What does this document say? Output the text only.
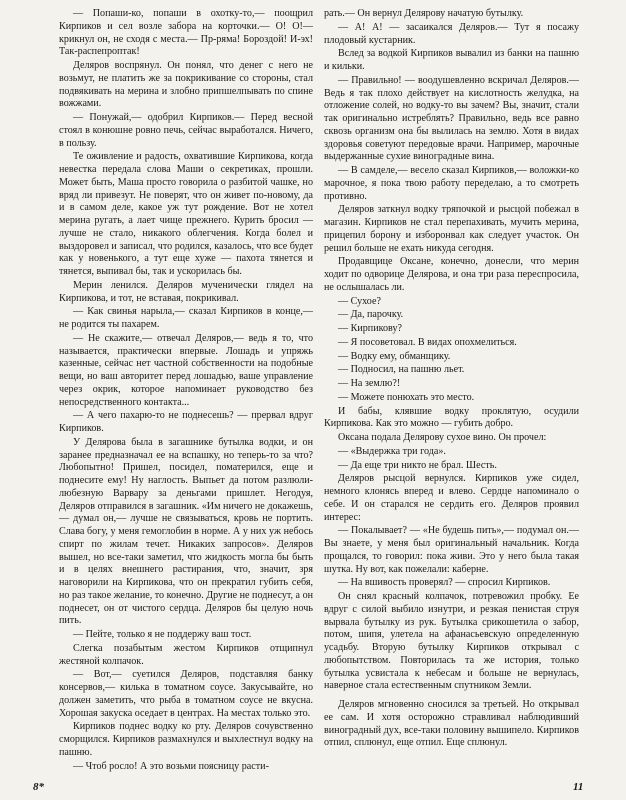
— Попаши-ко, попаши в охотку-то,— поощрил Кирпиков и сел возле забора на корточки.— О! О!— крикнул он, не сходя с места.— Пр-ряма! Бороздой! И-эх! Так-распепроптак!

Деляров воспрянул. Он понял, что денег с него не возьмут, не платить же за покрикивание со стороны, стал подвякивать на мерина и злобно припшелпывать по спине вожжами.

— Понужай,— одобрил Кирпиков.— Перед весной стоял в конюшне ровно печь, сейчас выработался. Ничего, в пользу.

Те оживление и радость, охватившие Кирпикова, когда невестка передала слова Маши о секретиках, прошли. Может быть, Маша просто говорила о разбитой чашке, но вряд ли привезут. Не поверят, что он живет по-новому, да и в самом деле, какое уж тут рождение. Вот не хотел мерина ругать, а лает чище прежнего. Курить бросил — лучше не стало, никакого облегчения. Когда болел и выздоровел и записал, что родился, казалось, что все будет как у новенького, а тут еще хуже — пахота тянется и тянется, выпивал бы, так и ускорилась бы.

Мерин ленился. Деляров мученически глядел на Кирпикова, и тот, не вставая, покрикивал.

— Как свинья нарыла,— сказал Кирпиков в конце,— не родится ты пахарем.

— Не скажите,— отвечал Деляров,— ведь я то, что называется, практически впервые. Лошадь и упряжь казенные, сейчас нет частной собственности на подобные вещи, но ваш авторитет перед лошадью, ваше управление через окрик, которое напоминает руководство без непосредственного контакта...

— А чего пахарю-то не поднесешь? — прервал вдруг Кирпиков.

У Делярова была в загашнике бутылка водки, и он заранее предназначал ее на вспашку, но теперь-то за что? Любопытно! Пришел, посидел, поматерился, еще и поднесите ему! Ну наглость. Выпьет да потом разлюли-любезную Варвару за деньгами пришлет. Негодуя, Деляров отправился в загашник. «Им ничего не докажешь,— думал он,— лучше не связываться, кровь не портить. Слава богу, у меня гемоглобин в норме. А у них уж небось спирт по жилам течет. Никаких запросов». Деляров вышел, но все-таки заметил, что жидкость могла бы быть и в целях внешнего растирания, что, значит, зря наговорили на Кирпикова, что он прекратил губить себя, но раз такое желание, то конечно. Другие не поднесут, а он поднесет, он от чистого сердца. Деляров бы целую ночь пить.

— Пейте, только я не поддержу ваш тост.

Слегка позабытым жестом Кирпиков отщипнул жестяной колпачок.

— Вот,— суетился Деляров, подставляя банку консервов,— килька в томатном соусе. Закусывайте, но должен заметить, что рыба в томатном соусе не вкусна. Хорошая закуска оседает в центрах. На местах только это.

Кирпиков поднес водку ко рту. Деляров сочувственно сморщился. Кирпиков размахнулся и выхлестнул водку на пашню.

— Чтоб росло! А это возьми поясницу расти-

рать.— Он вернул Делярову начатую бутылку.

— А! А! — засаикался Деляров.— Тут я посажу плодовый кустарник.

Вслед за водкой Кирпиков вывалил из банки на пашню и кильки.

— Правильно! — воодушевленно вскричал Деляров.— Ведь я так плохо действует на кислотность желудка, на отложение солей, но водку-то вы зачем? Вы, значит, стали так оригинально истреблять? Правильно, ведь все равно сквозь организм она бы вылилась на землю. Хотя в видах здоровья советуют передовые врачи. Например, марочные выдержанные сухие виноградные вина.

— В самделе,— весело сказал Кирпиков,— воложки-ко марочное, я пока твою работу переделаю, а то смотреть противно.

Деляров заткнул водку тряпочкой и рысцой побежал в магазин. Кирпиков не стал перепахивать, мучить мерина, прицепил борону и изборонвал как следует участок. Он решил больше не ехать никуда сегодня.

Продавщице Оксане, конечно, донесли, что мерин ходит по одворице Делярова, и она три раза переспросила, не ослышалась ли.

— Сухое?

— Да, парочку.

— Кирпикову?

— Я посоветовал. В видах опохмелиться.

— Водку ему, обманщику.

— Подносил, на пашню льет.

— На землю?!

— Можете понюхать это место.

И бабы, клявшие водку проклятую, осудили Кирпикова. Как это можно — губить добро.

Оксана подала Делярову сухое вино. Он прочел:

— «Выдержка три года».

— Да еще три никто не брал. Шесть.

Деляров рысцой вернулся. Кирпиков уже сидел, немного клонясь вперед и влево. Сердце напоминало о себе. И он старался не сердить его. Деляров проявил интерес:

— Покалывает? — «Не будешь пить»,— подумал он.— Вы знаете, у меня был оригинальный начальник. Когда прощался, то говорил: пока живи. Это у него была такая шутка. Ну вот, как пожелали: каберне.

— На вшивость проверял? — спросил Кирпиков.

Он снял красный колпачок, потревожил пробку. Ее вдруг с силой выбило изнутри, и резкая пенистая струя вырвала бутылку из рук. Бутылка срикошетила о забор, потом, шипя, улетела на афанасьевскую определенную усадьбу. Вторую бутылку Кирпиков открывал с любопытством. Повторилась та же история, только бутылка усвистала к небесам и больше не вернулась, наверное стала естественным спутником Земли.

Деляров мгновенно сносился за третьей. Но открывал ее сам. И хотя осторожно стравливал наблюдивший виноградный дух, все-таки половину вышипело. Кирпиков отпил, сплюнул, еще отпил. Еще сплюнул.

8*	11
